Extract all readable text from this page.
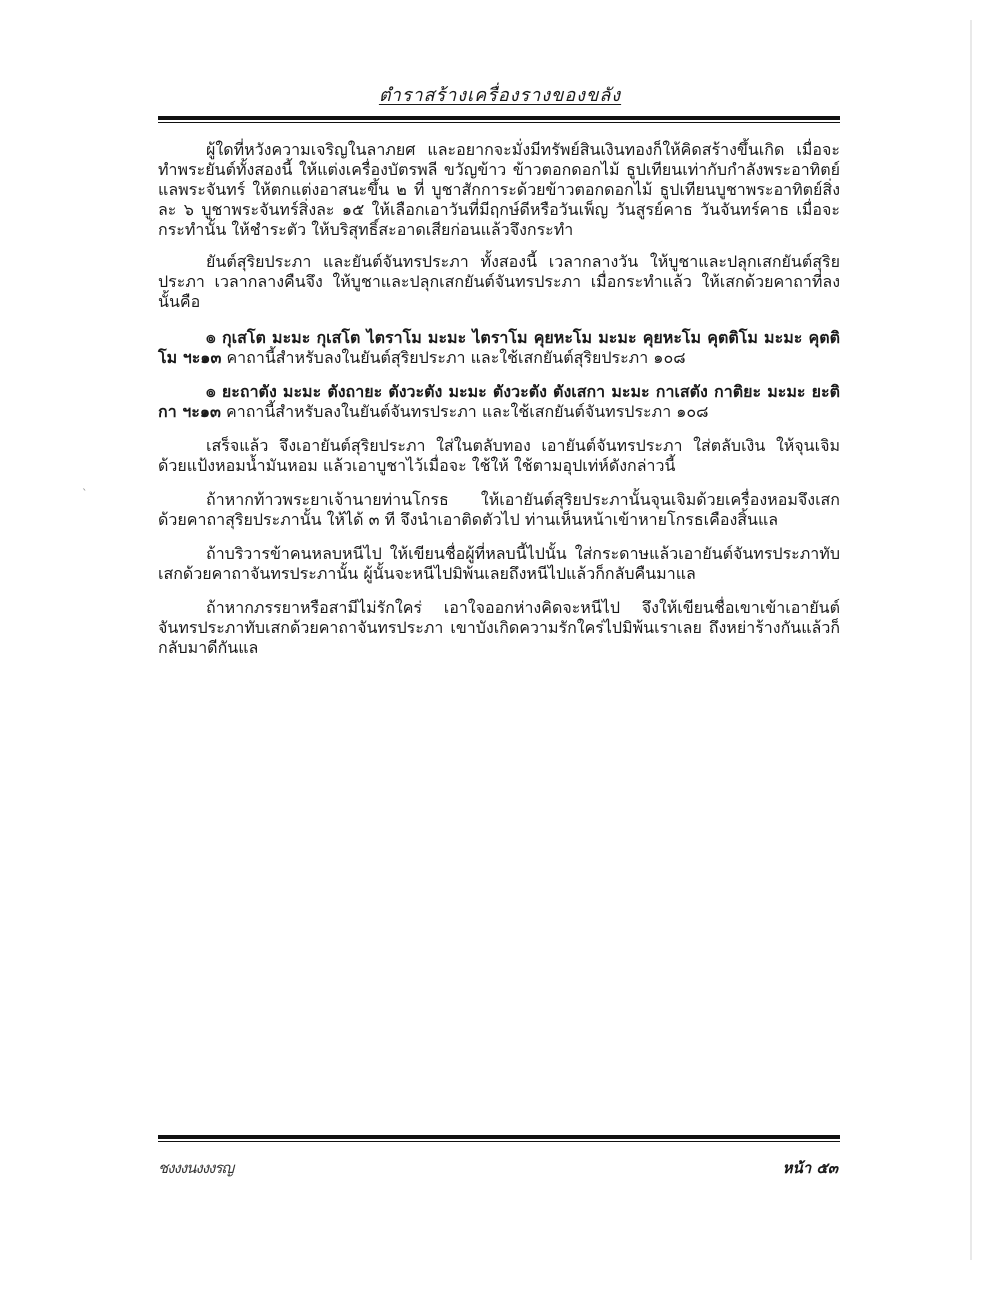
ˎ
ตำราสร้างเครื่องรางของขลัง

ผู้ใดที่หวังความเจริญในลาภยศ และอยากจะมั่งมีทรัพย์สินเงินทองก็ให้คิดสร้างขึ้นเกิด เมื่อจะทำพระยันต์ทั้งสองนี้ ให้แต่งเครื่องบัตรพลี ขวัญข้าว ข้าวตอกดอกไม้ ธูปเทียนเท่ากับกำลังพระอาทิตย์แลพระจันทร์ ให้ตกแต่งอาสนะขึ้น ๒ ที่ บูชาสักการะด้วยข้าวตอกดอกไม้ ธูปเทียนบูชาพระอาทิตย์สิ่งละ ๖ บูชาพระจันทร์สิ่งละ ๑๕ ให้เลือกเอาวันที่มีฤกษ์ดีหรือวันเพ็ญ วันสูรย์คาธ วันจันทร์คาธ เมื่อจะกระทำนั้น ให้ชำระตัว ให้บริสุทธิ์สะอาดเสียก่อนแล้วจึงกระทำ

ยันต์สุริยประภา และยันต์จันทรประภา ทั้งสองนี้ เวลากลางวัน ให้บูชาและปลุกเสกยันต์สุริยประภา เวลากลางคืนจึง ให้บูชาและปลุกเสกยันต์จันทรประภา เมื่อกระทำแล้ว ให้เสกด้วยคาถาที่ลงนั้นคือ

๏ กุเสโต มะมะ กุเสโต ไตราโม มะมะ ไตราโม คุยหะโม มะมะ คุยหะโม คุตติโม มะมะ คุตติโม ฯะ๑๓ คาถานี้สำหรับลงในยันต์สุริยประภา และใช้เสกยันต์สุริยประภา ๑๐๘

๏ ยะถาตัง มะมะ ตังถายะ ตังวะตัง มะมะ ตังวะตัง ตังเสกา มะมะ กาเสตัง กาติยะ มะมะ ยะติกา ฯะ๑๓ คาถานี้สำหรับลงในยันต์จันทรประภา และใช้เสกยันต์จันทรประภา ๑๐๘

เสร็จแล้ว จึงเอายันต์สุริยประภา ใส่ในตลับทอง เอายันต์จันทรประภา ใส่ตลับเงิน ให้จุนเจิมด้วยแป้งหอมน้ำมันหอม แล้วเอาบูชาไว้เมื่อจะ ใช้ให้ ใช้ตามอุปเท่ห์ดังกล่าวนี้

ถ้าหากท้าวพระยาเจ้านายท่านโกรธ ให้เอายันต์สุริยประภานั้นจุนเจิมด้วยเครื่องหอมจึงเสกด้วยคาถาสุริยประภานั้น ให้ได้ ๓ ที จึงนำเอาติดตัวไป ท่านเห็นหน้าเข้าหายโกรธเคืองสิ้นแล

ถ้าบริวารข้าคนหลบหนีไป ให้เขียนชื่อผู้ที่หลบนี้ไปนั้น ใส่กระดาษแล้วเอายันต์จันทรประภาทับ เสกด้วยคาถาจันทรประภานั้น ผู้นั้นจะหนีไปมิพ้นเลยถึงหนีไปแล้วก็กลับคืนมาแล

ถ้าหากภรรยาหรือสามีไม่รักใคร่ เอาใจออกห่างคิดจะหนีไป จึงให้เขียนชื่อเขาเข้าเอายันต์จันทรประภาทับเสกด้วยคาถาจันทรประภา เขาบังเกิดความรักใคร่ไปมิพ้นเราเลย ถึงหย่าร้างกันแล้วก็กลับมาดีกันแล

ชงงงนงงงรญ	หน้า ๕๓
